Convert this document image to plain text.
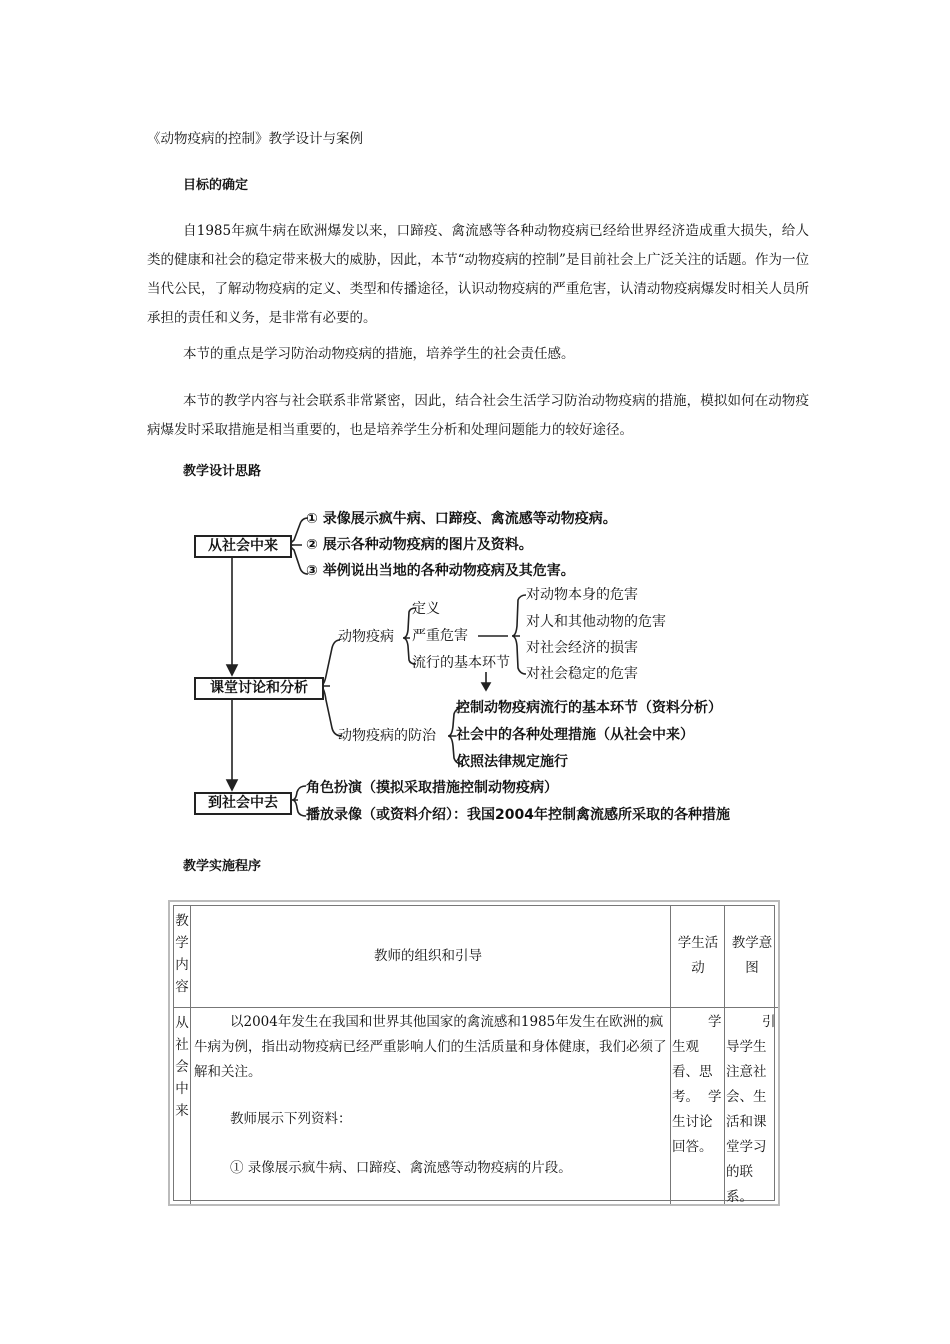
《动物疫病的控制》教学设计与案例
目标的确定
自1985年疯牛病在欧洲爆发以来，口蹄疫、禽流感等各种动物疫病已经给世界经济造成重大损失，给人类的健康和社会的稳定带来极大的威胁，因此，本节“动物疫病的控制”是目前社会上广泛关注的话题。作为一位当代公民，了解动物疫病的定义、类型和传播途径，认识动物疫病的严重危害，认清动物疫病爆发时相关人员所承担的责任和义务，是非常有必要的。
本节的重点是学习防治动物疫病的措施，培养学生的社会责任感。
本节的教学内容与社会联系非常紧密，因此，结合社会生活学习防治动物疫病的措施，模拟如何在动物疫病爆发时采取措施是相当重要的，也是培养学生分析和处理问题能力的较好途径。
教学设计思路
从社会中来
① 录像展示疯牛病、口蹄疫、禽流感等动物疫病。
② 展示各种动物疫病的图片及资料。
③ 举例说出当地的各种动物疫病及其危害。
课堂讨论和分析
动物疫病
定义
严重危害
流行的基本环节
对动物本身的危害
对人和其他动物的危害
对社会经济的损害
对社会稳定的危害
动物疫病的防治
控制动物疫病流行的基本环节（资料分析）
社会中的各种处理措施（从社会中来）
依照法律规定施行
到社会中去
角色扮演（摸拟采取措施控制动物疫病）
播放录像（或资料介绍）：我国2004年控制禽流感所采取的各种措施
教学实施程序
教学内容
教师的组织和引导
学生活动
教学意图
从社会中来
以2004年发生在我国和世界其他国家的禽流感和1985年发生在欧洲的疯牛病为例，指出动物疫病已经严重影响人们的生活质量和身体健康，我们必须了解和关注。
教师展示下列资料：
① 录像展示疯牛病、口蹄疫、禽流感等动物疫病的片段。
学生观看、思考。 学生讨论回答。
引导学生注意社会、生活和课堂学习的联系。
